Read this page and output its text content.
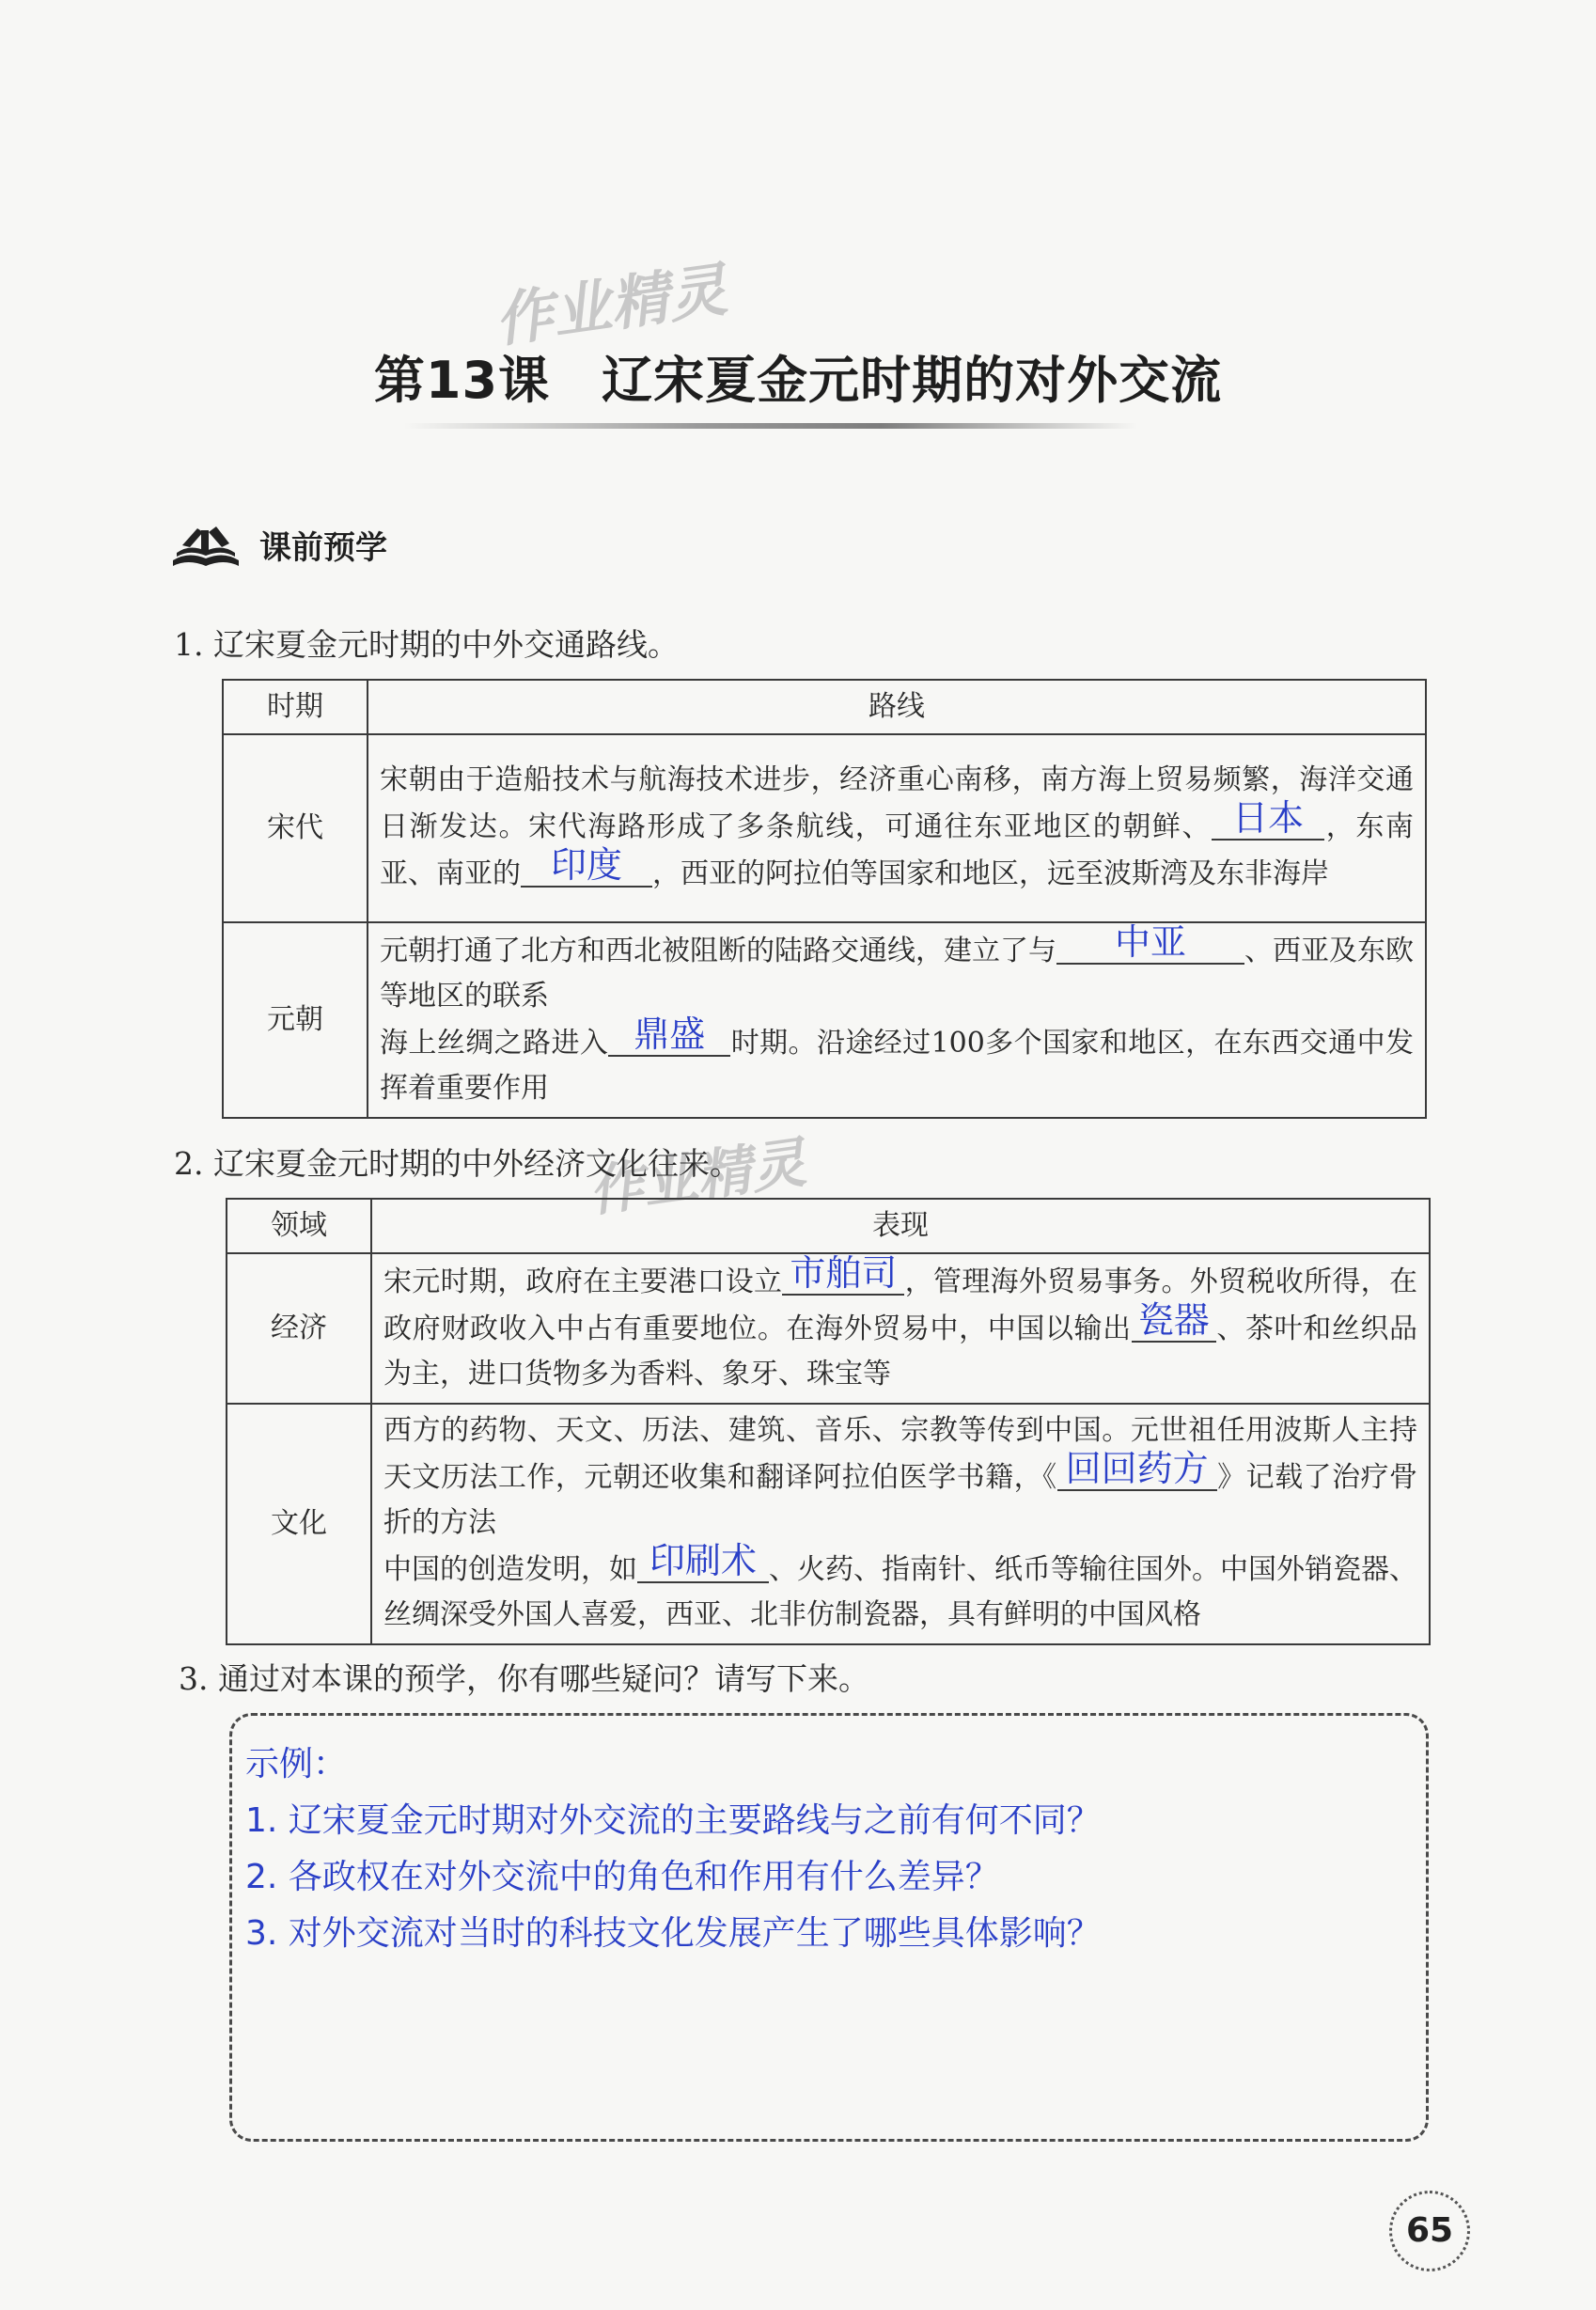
作业精灵
作业精灵
第13课　辽宋夏金元时期的对外交流
课前预学
1. 辽宋夏金元时期的中外交通路线。
时期	路线
宋代	宋朝由于造船技术与航海技术进步，经济重心南移，南方海上贸易频繁，海洋交通日渐发达。宋代海路形成了多条航线，可通往东亚地区的朝鲜、 日本 ，东南亚、南亚的 印度 ，西亚的阿拉伯等国家和地区，远至波斯湾及东非海岸
元朝	元朝打通了北方和西北被阻断的陆路交通线，建立了与 中亚 、西亚及东欧等地区的联系
海上丝绸之路进入 鼎盛 时期。沿途经过100多个国家和地区，在东西交通中发挥着重要作用
2. 辽宋夏金元时期的中外经济文化往来。
领域	表现
经济	宋元时期，政府在主要港口设立 市舶司 ，管理海外贸易事务。外贸税收所得，在政府财政收入中占有重要地位。在海外贸易中，中国以输出 瓷器 、茶叶和丝织品为主，进口货物多为香料、象牙、珠宝等
文化	西方的药物、天文、历法、建筑、音乐、宗教等传到中国。元世祖任用波斯人主持天文历法工作，元朝还收集和翻译阿拉伯医学书籍，《 回回药方 》记载了治疗骨折的方法
中国的创造发明，如 印刷术 、火药、指南针、纸币等输往国外。中国外销瓷器、丝绸深受外国人喜爱，西亚、北非仿制瓷器，具有鲜明的中国风格
3. 通过对本课的预学，你有哪些疑问？请写下来。
示例：
1. 辽宋夏金元时期对外交流的主要路线与之前有何不同？
2. 各政权在对外交流中的角色和作用有什么差异？
3. 对外交流对当时的科技文化发展产生了哪些具体影响？
65
